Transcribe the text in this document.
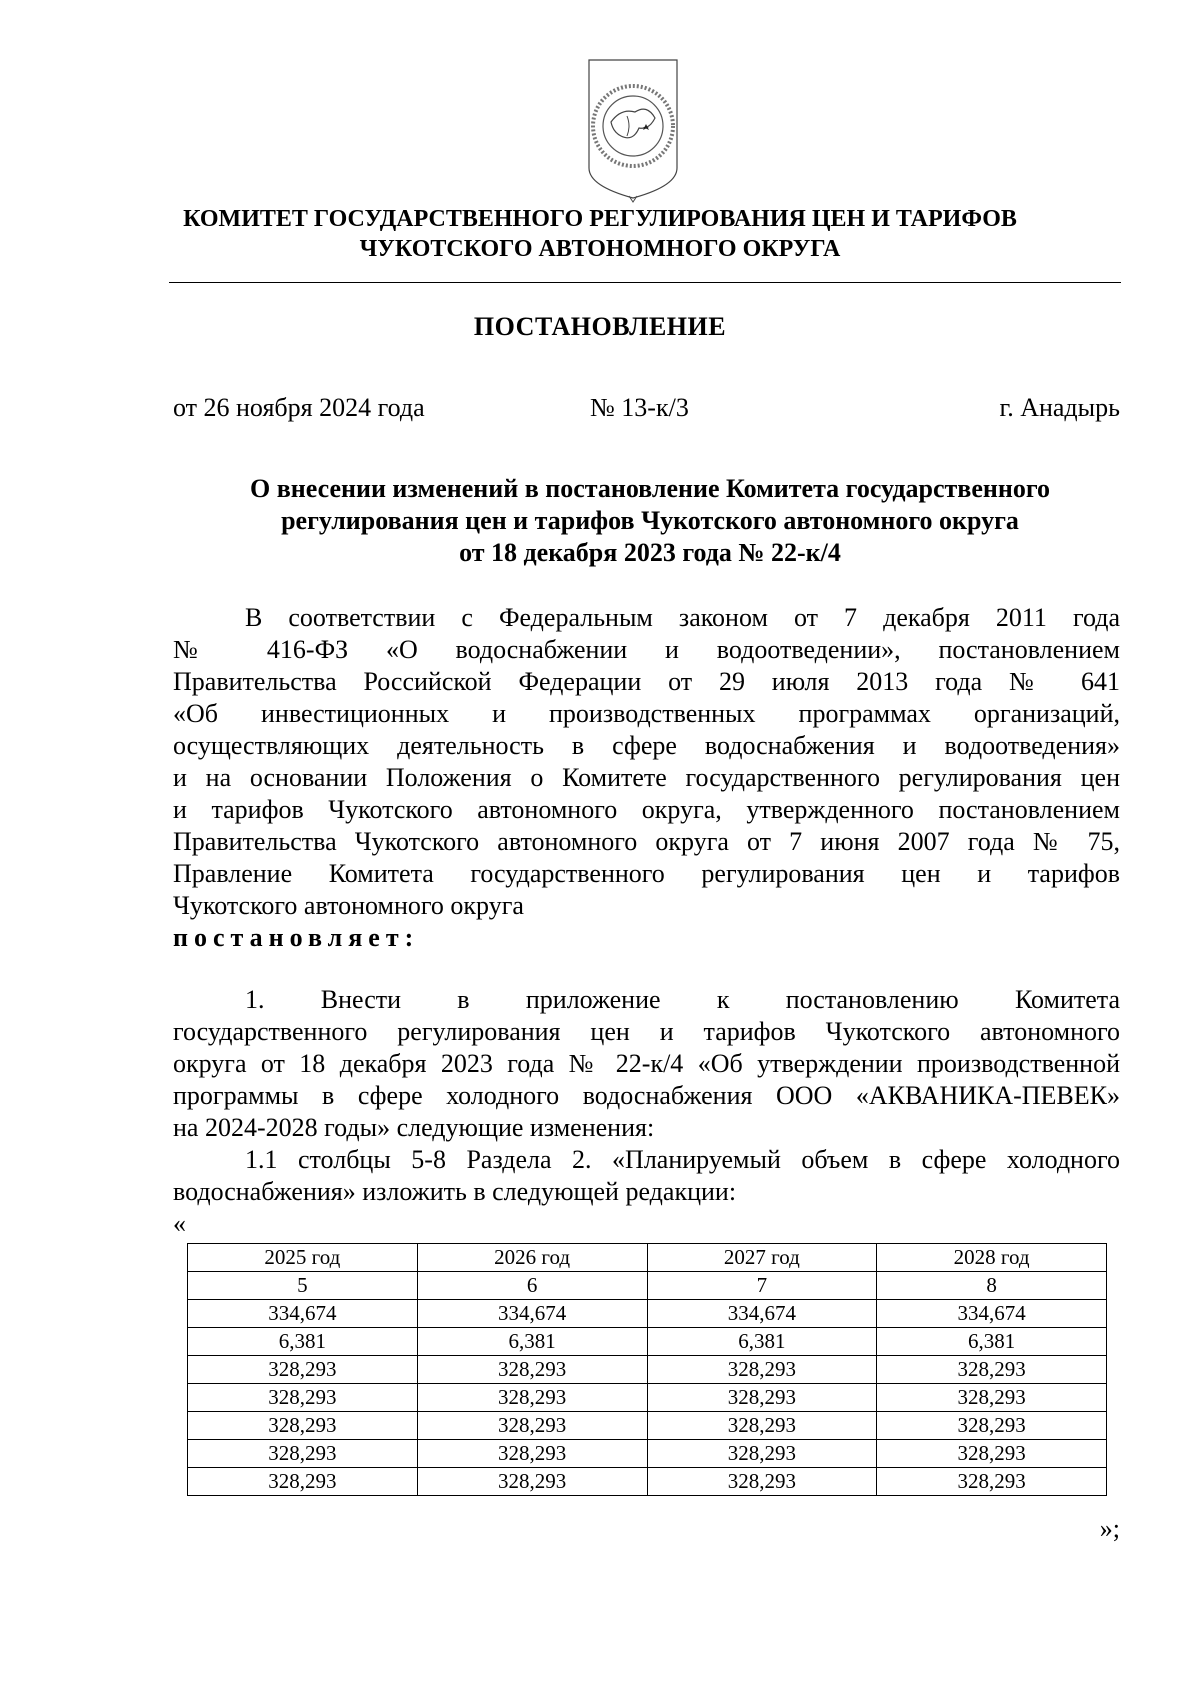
КОМИТЕТ ГОСУДАРСТВЕННОГО РЕГУЛИРОВАНИЯ ЦЕН И ТАРИФОВ
ЧУКОТСКОГО АВТОНОМНОГО ОКРУГА
ПОСТАНОВЛЕНИЕ
от 26 ноября 2024 года	№ 13-к/3	г. Анадырь
О внесении изменений в постановление Комитета государственного
регулирования цен и тарифов Чукотского автономного округа
от 18 декабря 2023 года № 22-к/4
В соответствии с Федеральным законом от 7 декабря 2011 года
№ 416-ФЗ «О водоснабжении и водоотведении», постановлением
Правительства Российской Федерации от 29 июля 2013 года № 641
«Об инвестиционных и производственных программах организаций,
осуществляющих деятельность в сфере водоснабжения и водоотведения»
и на основании Положения о Комитете государственного регулирования цен
и тарифов Чукотского автономного округа, утвержденного постановлением
Правительства Чукотского автономного округа от 7 июня 2007 года № 75,
Правление Комитета государственного регулирования цен и тарифов
Чукотского автономного округа
постановляет:
1. Внести в приложение к постановлению Комитета
государственного регулирования цен и тарифов Чукотского автономного
округа от 18 декабря 2023 года № 22-к/4 «Об утверждении производственной
программы в сфере холодного водоснабжения ООО «АКВАНИКА-ПЕВЕК»
на 2024-2028 годы» следующие изменения:
1.1 столбцы 5-8 Раздела 2. «Планируемый объем в сфере холодного
водоснабжения» изложить в следующей редакции:
«
2025 год	2026 год	2027 год	2028 год
5	6	7	8
334,674	334,674	334,674	334,674
6,381	6,381	6,381	6,381
328,293	328,293	328,293	328,293
328,293	328,293	328,293	328,293
328,293	328,293	328,293	328,293
328,293	328,293	328,293	328,293
328,293	328,293	328,293	328,293
»;
